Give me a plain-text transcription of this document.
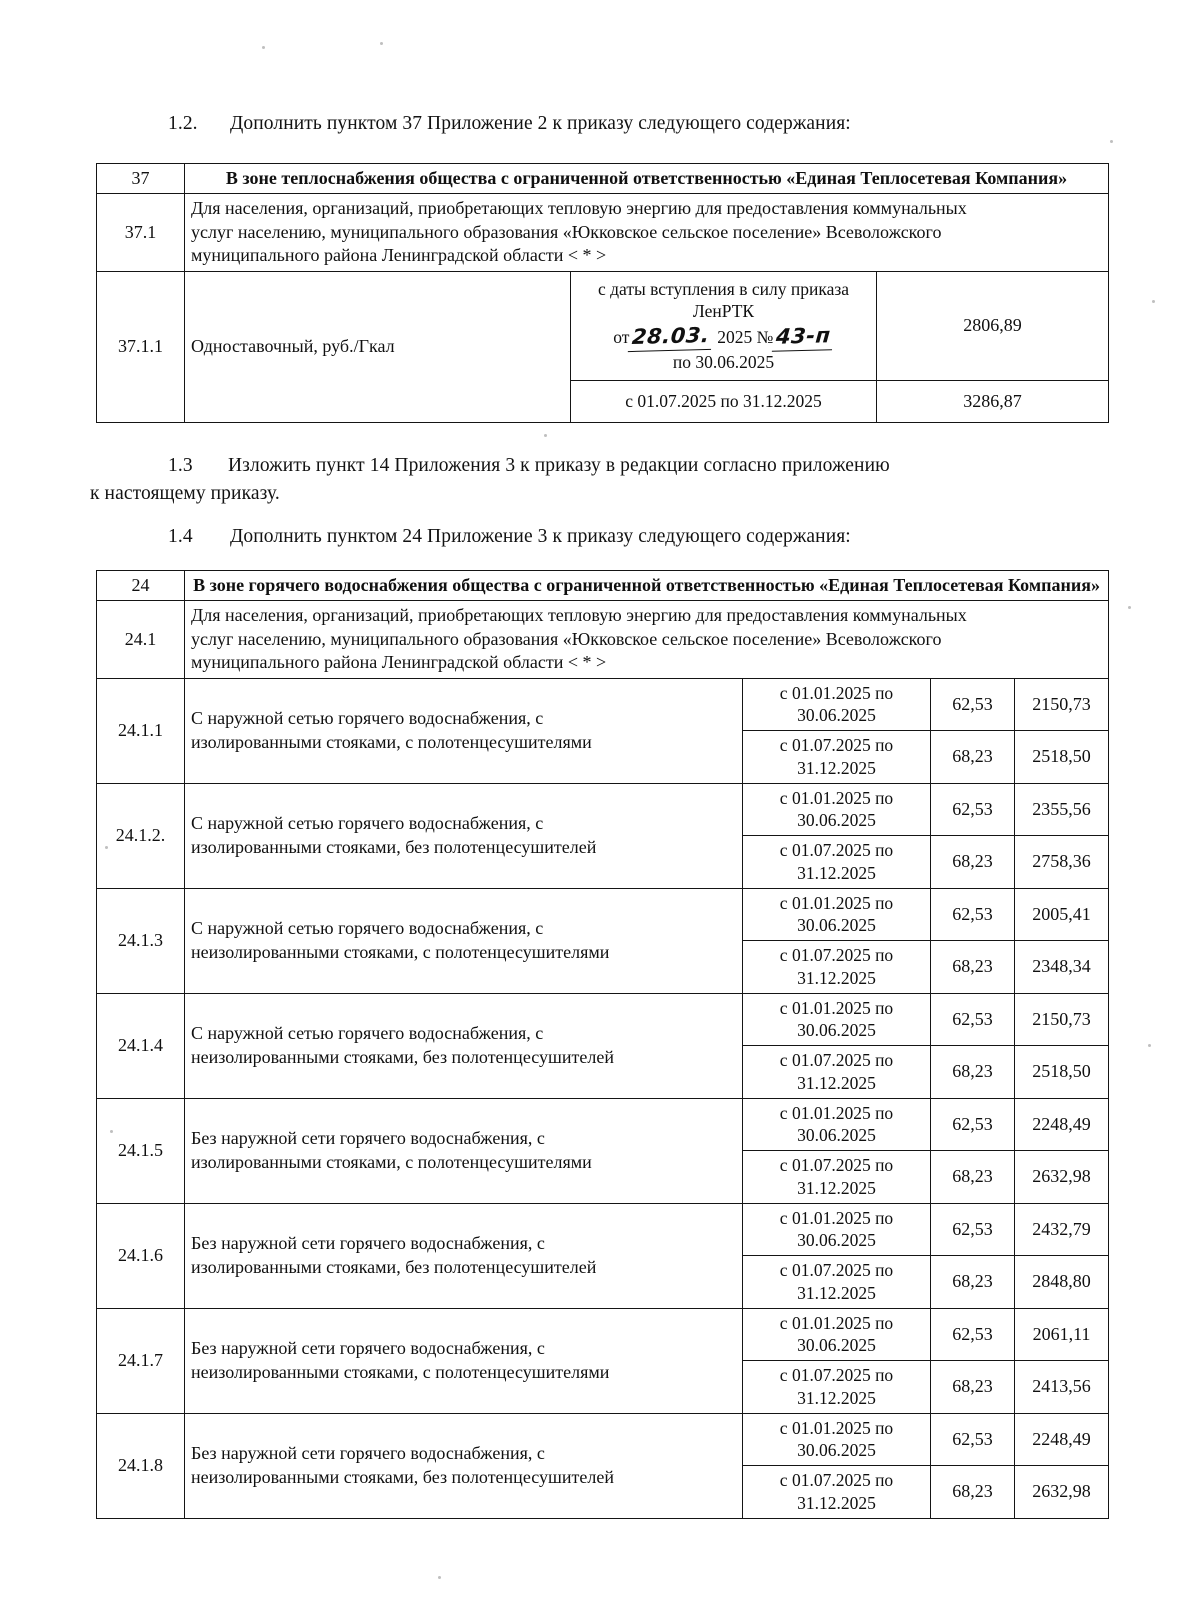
1.2. Дополнить пунктом 37 Приложение 2 к приказу следующего содержания:
37	В зоне теплоснабжения общества с ограниченной ответственностью «Единая Теплосетевая Компания»		
37.1	Для населения, организаций, приобретающих тепловую энергию для предоставления коммунальных
услуг населению, муниципального образования «Юкковское сельское поселение» Всеволожского
муниципального района Ленинградской области < * >		

37.1.1	Одноставочный, руб./Гкал	с даты вступления в силу приказа
ЛенРТК
от28.03. 2025 №43-п
по 30.06.2025	2806,89
		с 01.07.2025 по 31.12.2025	3286,87
1.3 Изложить пункт 14 Приложения 3 к приказу в редакции согласно приложению
к настоящему приказу.
1.4 Дополнить пунктом 24 Приложение 3 к приказу следующего содержания:
24	В зоне горячего водоснабжения общества с ограниченной ответственностью «Единая Теплосетевая Компания»			
24.1	Для населения, организаций, приобретающих тепловую энергию для предоставления коммунальных
услуг населению, муниципального образования «Юкковское сельское поселение» Всеволожского
муниципального района Ленинградской области < * >			

24.1.1	С наружной сетью горячего водоснабжения, с
изолированными стояками, с полотенцесушителями	с 01.01.2025 по
30.06.2025	62,53	2150,73

		с 01.07.2025 по
31.12.2025	68,23	2518,50
24.1.2.	С наружной сетью горячего водоснабжения, с
изолированными стояками, без полотенцесушителей	с 01.01.2025 по
30.06.2025	62,53	2355,56

		с 01.07.2025 по
31.12.2025	68,23	2758,36
24.1.3	С наружной сетью горячего водоснабжения, с
неизолированными стояками, с полотенцесушителями	с 01.01.2025 по
30.06.2025	62,53	2005,41

		с 01.07.2025 по
31.12.2025	68,23	2348,34
24.1.4	С наружной сетью горячего водоснабжения, с
неизолированными стояками, без полотенцесушителей	с 01.01.2025 по
30.06.2025	62,53	2150,73

		с 01.07.2025 по
31.12.2025	68,23	2518,50
24.1.5	Без наружной сети горячего водоснабжения, с
изолированными стояками, с полотенцесушителями	с 01.01.2025 по
30.06.2025	62,53	2248,49

		с 01.07.2025 по
31.12.2025	68,23	2632,98
24.1.6	Без наружной сети горячего водоснабжения, с
изолированными стояками, без полотенцесушителей	с 01.01.2025 по
30.06.2025	62,53	2432,79

		с 01.07.2025 по
31.12.2025	68,23	2848,80
24.1.7	Без наружной сети горячего водоснабжения, с
неизолированными стояками, с полотенцесушителями	с 01.01.2025 по
30.06.2025	62,53	2061,11

		с 01.07.2025 по
31.12.2025	68,23	2413,56
24.1.8	Без наружной сети горячего водоснабжения, с
неизолированными стояками, без полотенцесушителей	с 01.01.2025 по
30.06.2025	62,53	2248,49

		с 01.07.2025 по
31.12.2025	68,23	2632,98
